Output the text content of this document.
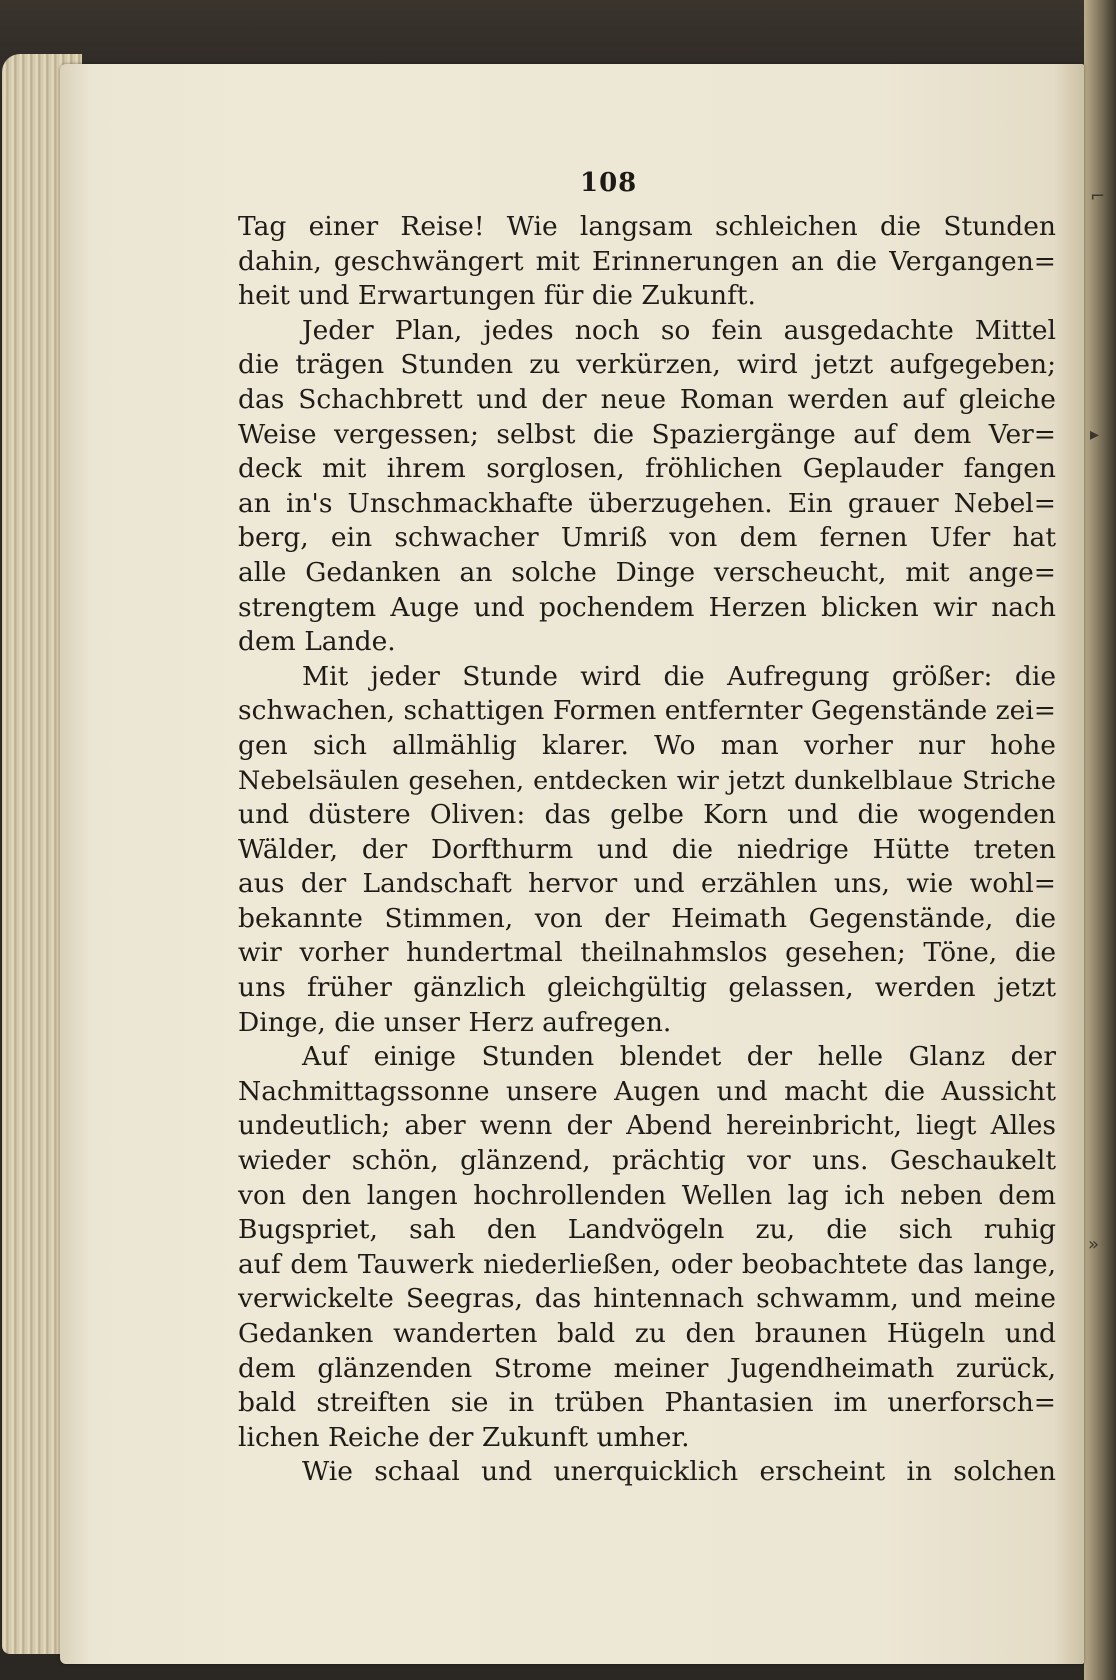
108	⌐
▸
»
Tag einer Reise! Wie langsam schleichen die Stunden
dahin, geschwängert mit Erinnerungen an die Vergangen=
heit und Erwartungen für die Zukunft.
Jeder Plan, jedes noch so fein ausgedachte Mittel
die trägen Stunden zu verkürzen, wird jetzt aufgegeben;
das Schachbrett und der neue Roman werden auf gleiche
Weise vergessen; selbst die Spaziergänge auf dem Ver=
deck mit ihrem sorglosen, fröhlichen Geplauder fangen
an in's Unschmackhafte überzugehen. Ein grauer Nebel=
berg, ein schwacher Umriß von dem fernen Ufer hat
alle Gedanken an solche Dinge verscheucht, mit ange=
strengtem Auge und pochendem Herzen blicken wir nach
dem Lande.
Mit jeder Stunde wird die Aufregung größer: die
schwachen, schattigen Formen entfernter Gegenstände zei=
gen sich allmählig klarer. Wo man vorher nur hohe
Nebelsäulen gesehen, entdecken wir jetzt dunkelblaue Striche
und düstere Oliven: das gelbe Korn und die wogenden
Wälder, der Dorfthurm und die niedrige Hütte treten
aus der Landschaft hervor und erzählen uns, wie wohl=
bekannte Stimmen, von der Heimath Gegenstände, die
wir vorher hundertmal theilnahmslos gesehen; Töne, die
uns früher gänzlich gleichgültig gelassen, werden jetzt
Dinge, die unser Herz aufregen.
Auf einige Stunden blendet der helle Glanz der
Nachmittagssonne unsere Augen und macht die Aussicht
undeutlich; aber wenn der Abend hereinbricht, liegt Alles
wieder schön, glänzend, prächtig vor uns. Geschaukelt
von den langen hochrollenden Wellen lag ich neben dem
Bugspriet, sah den Landvögeln zu, die sich ruhig
auf dem Tauwerk niederließen, oder beobachtete das lange,
verwickelte Seegras, das hintennach schwamm, und meine
Gedanken wanderten bald zu den braunen Hügeln und
dem glänzenden Strome meiner Jugendheimath zurück,
bald streiften sie in trüben Phantasien im unerforsch=
lichen Reiche der Zukunft umher.
Wie schaal und unerquicklich erscheint in solchen
